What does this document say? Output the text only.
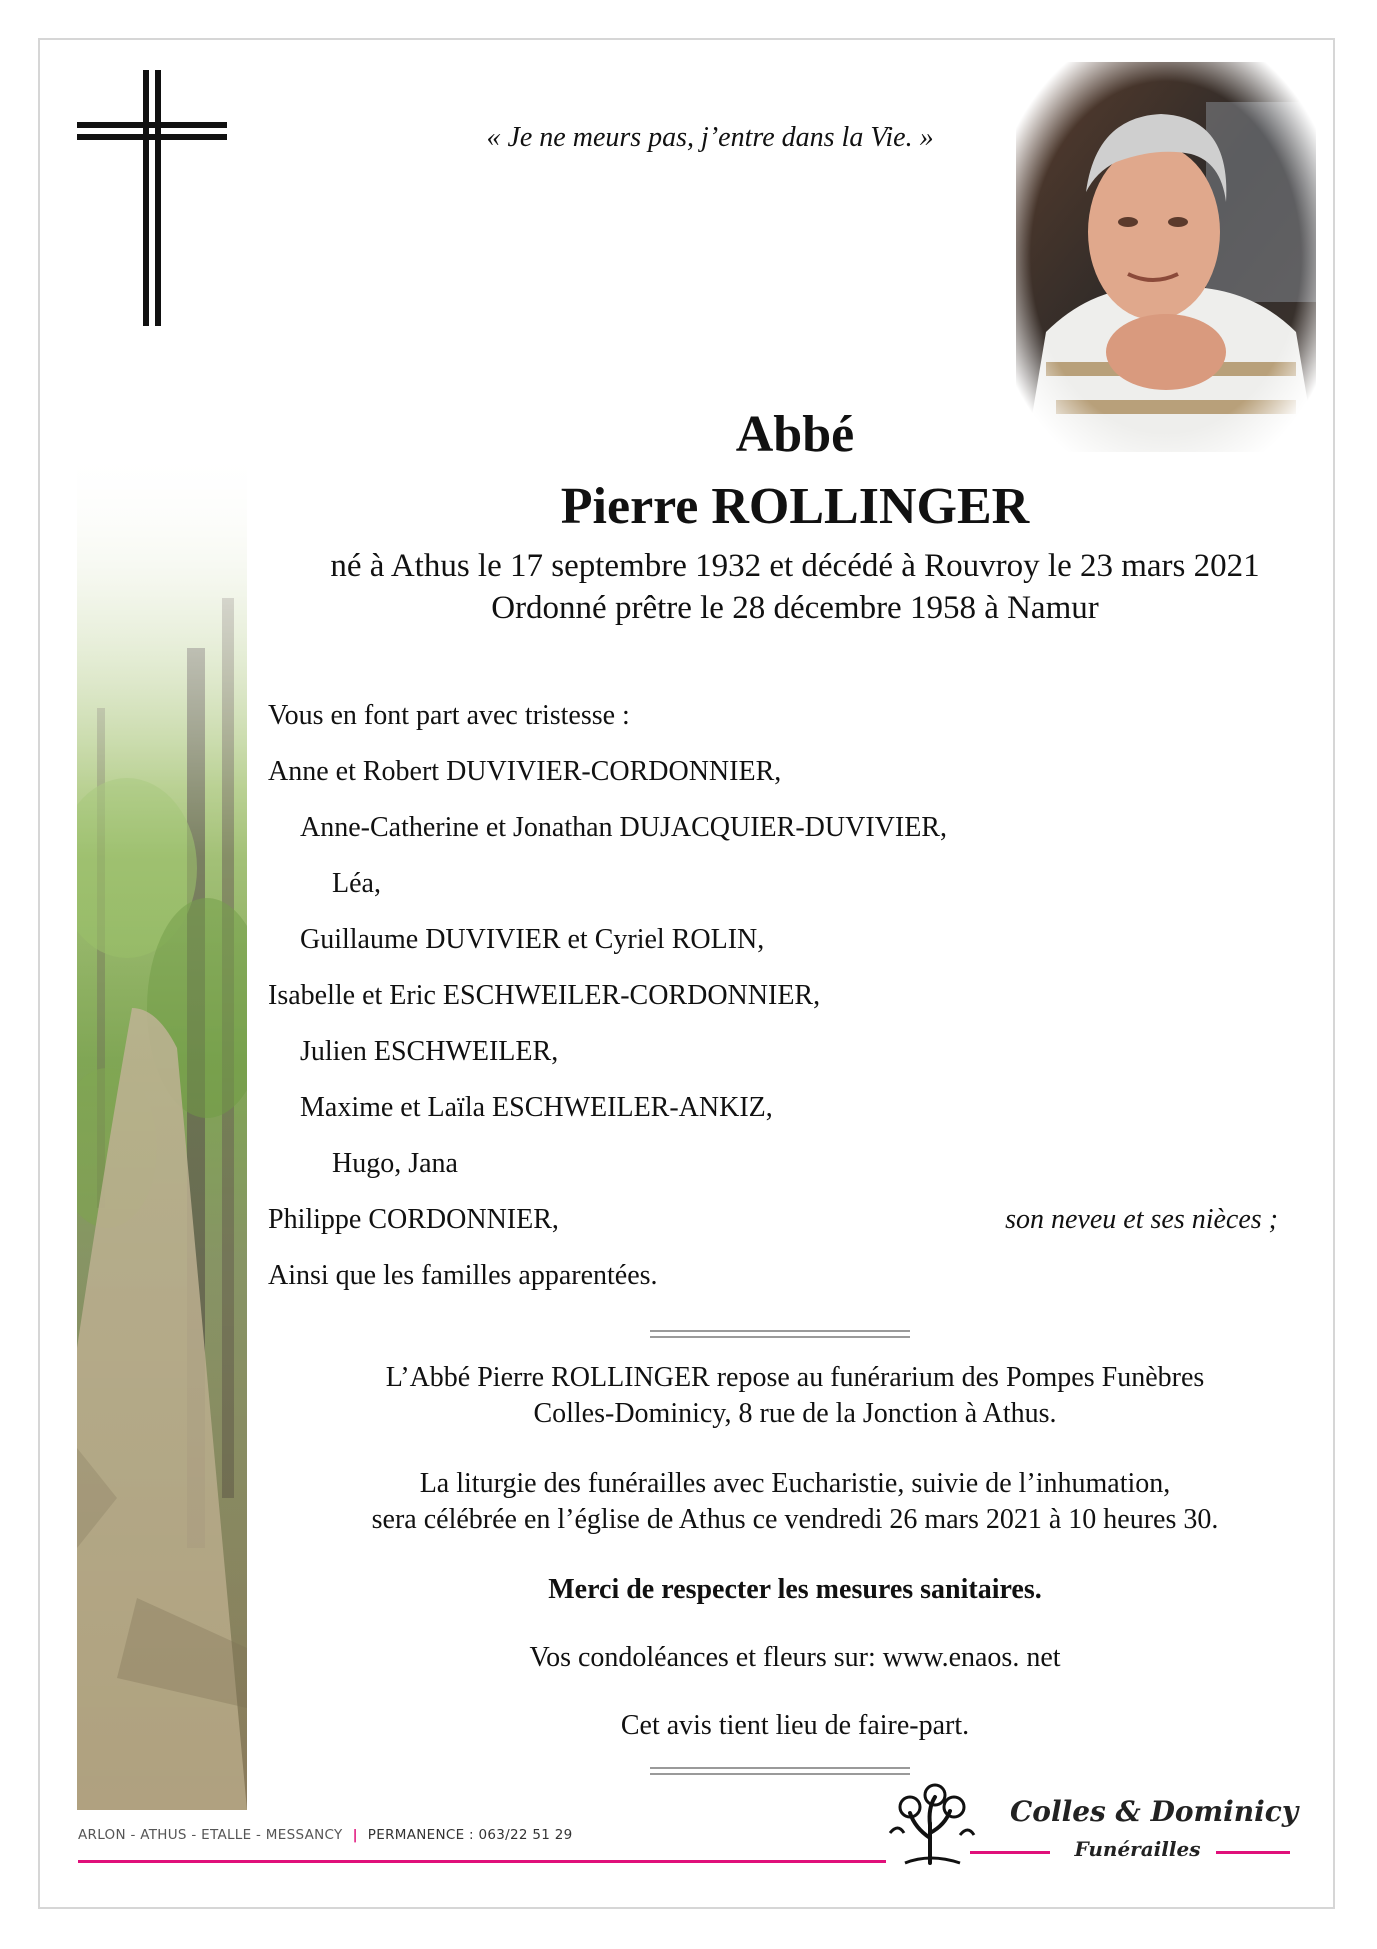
« Je ne meurs pas, j’entre dans la Vie. »
Abbé
Pierre ROLLINGER
né à Athus le 17 septembre 1932 et décédé à Rouvroy le 23 mars 2021
Ordonné prêtre le 28 décembre 1958 à Namur
Vous en font part avec tristesse :
Anne et Robert DUVIVIER-CORDONNIER,
Anne-Catherine et Jonathan DUJACQUIER-DUVIVIER,
Léa,
Guillaume DUVIVIER et Cyriel ROLIN,
Isabelle et Eric ESCHWEILER-CORDONNIER,
Julien ESCHWEILER,
Maxime et Laïla ESCHWEILER-ANKIZ,
Hugo, Jana
Philippe CORDONNIER,	son neveu et ses nièces ;
Ainsi que les familles apparentées.
L’Abbé Pierre ROLLINGER repose au funérarium des Pompes Funèbres
Colles-Dominicy, 8 rue de la Jonction à Athus.
La liturgie des funérailles avec Eucharistie, suivie de l’inhumation,
sera célébrée en l’église de Athus ce vendredi 26 mars 2021 à 10 heures 30.
Merci de respecter les mesures sanitaires.
Vos condoléances et fleurs sur: www.enaos. net
Cet avis tient lieu de faire-part.
ARLON - ATHUS - ETALLE - MESSANCY | PERMANENCE : 063/22 51 29
Colles & Dominicy
Funérailles
